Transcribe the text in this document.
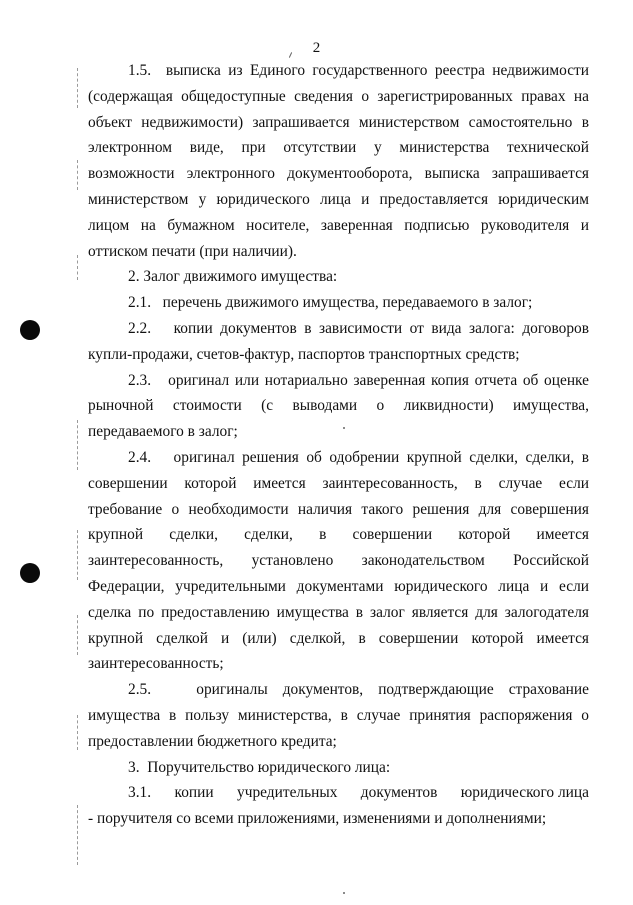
2

1.5.  выписка из Единого государственного реестра недвижимости (содержащая общедоступные сведения о зарегистрированных правах на объект недвижимости) запрашивается министерством самостоятельно в электронном виде, при отсутствии у министерства технической возможности электронного документооборота, выписка запрашивается министерством у юридического лица и предоставляется юридическим лицом на бумажном носителе, заверенная подписью руководителя и оттиском печати (при наличии).

2. Залог движимого имущества:

2.1.   перечень движимого имущества, передаваемого в залог;

2.2.   копии документов в зависимости от вида залога: договоров купли-продажи, счетов-фактур, паспортов транспортных средств;

2.3.   оригинал или нотариально заверенная копия отчета об оценке рыночной стоимости (с выводами о ликвидности) имущества, передаваемого в залог;

2.4.   оригинал решения об одобрении крупной сделки, сделки, в совершении которой имеется заинтересованность, в случае если требование о необходимости наличия такого решения для совершения крупной сделки, сделки, в совершении которой имеется заинтересованность, установлено законодательством Российской Федерации, учредительными документами юридического лица и если сделка по предоставлению имущества в залог является для залогодателя крупной сделкой и (или) сделкой, в совершении которой имеется заинтересованность;

2.5.   оригиналы документов, подтверждающие страхование имущества в пользу министерства, в случае принятия распоряжения о предоставлении бюджетного кредита;

3.  Поручительство юридического лица:

3.1.      копии      учредительных      документов      юридического лица - поручителя со всеми приложениями, изменениями и дополнениями;
